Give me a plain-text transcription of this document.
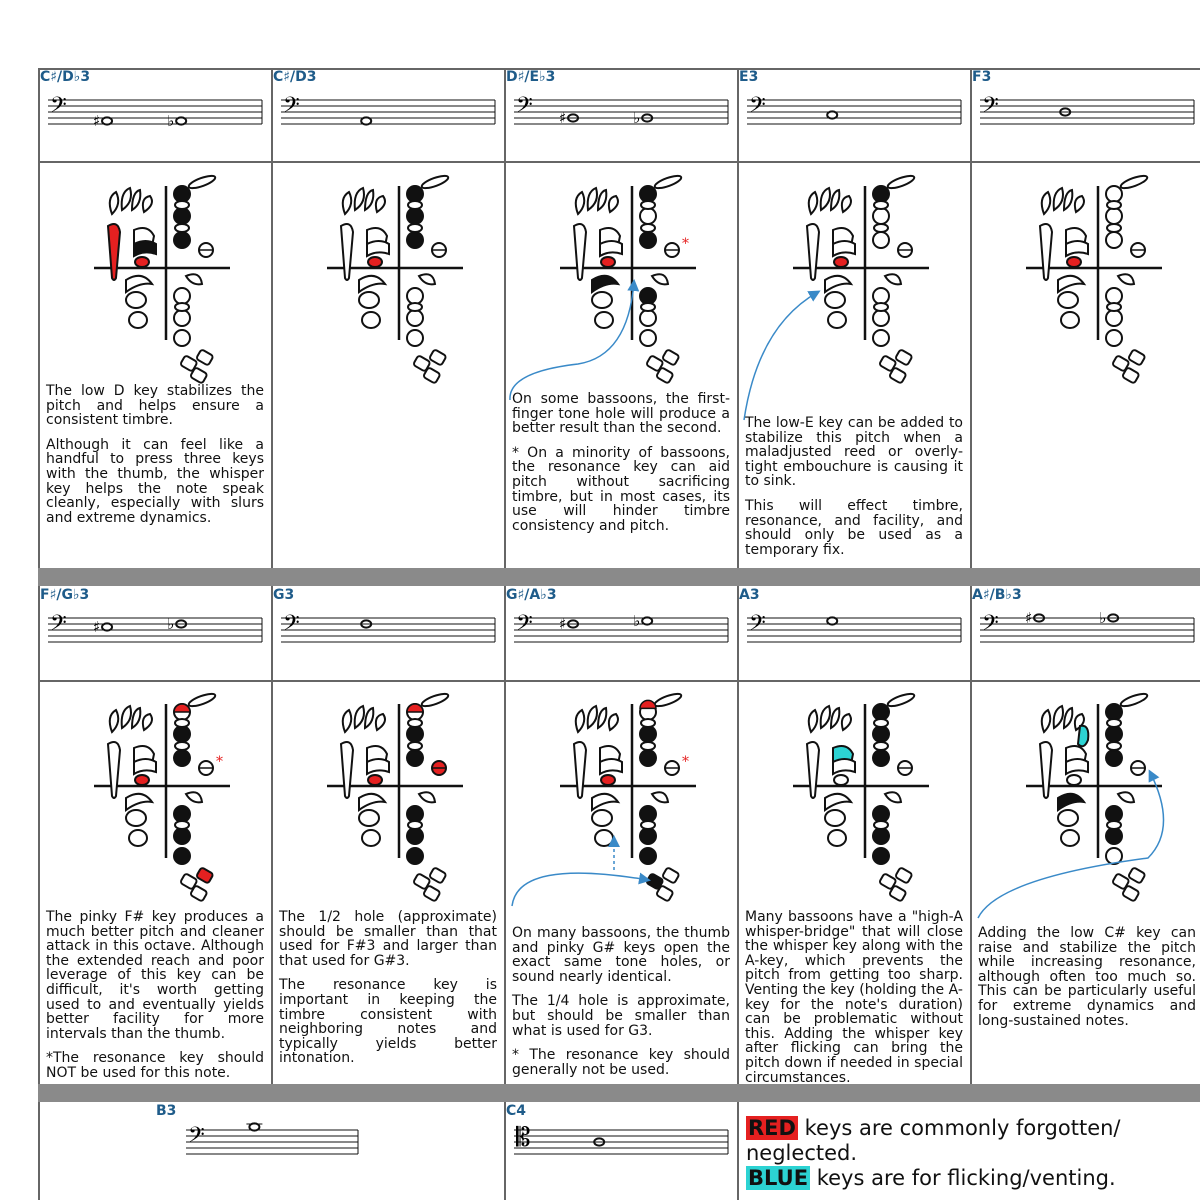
C♯/D♭3
𝄢 ♯	♭

The low D key stabilizes the pitch and helps ensure a consistent timbre.

Although it can feel like a handful to press three keys with the thumb, the whisper key helps the note speak cleanly, especially with slurs and extreme dynamics.

C♯/D3
𝄢
D♯/E♭3
𝄢 ♯	♭
*

On some bassoons, the first-finger tone hole will produce a better result than the second.

* On a minority of bassoons, the resonance key can aid pitch without sacrificing timbre, but in most cases, its use will hinder timbre consistency and pitch.

E3
𝄢

The low-E key can be added to stabilize this pitch when a maladjusted reed or overly-tight embouchure is causing it to sink.

This will effect timbre, resonance, and facility, and should only be used as a temporary fix.

F3
𝄢
F♯/G♭3
𝄢 ♯	♭
*

The pinky F# key produces a much better pitch and cleaner attack in this octave. Although the extended reach and poor leverage of this key can be difficult, it's worth getting used to and eventually yields better facility for more intervals than the thumb.

*The resonance key should NOT be used for this note.

G3
𝄢

The 1/2 hole (approximate) should be smaller than that used for F#3 and larger than that used for G#3.

The resonance key is important in keeping the timbre consistent with neighboring notes and typically yields better intonation.

G♯/A♭3
𝄢 ♯	♭
*

On many bassoons, the thumb and pinky G# keys open the exact same tone holes, or sound nearly identical.

The 1/4 hole is approximate, but should be smaller than what is used for G3.

* The resonance key should generally not be used.

A3
𝄢

Many bassoons have a "high-A whisper-bridge" that will close the whisper key along with the A-key, which prevents the pitch from getting too sharp. Venting the key (holding the A-key for the note's duration) can be problematic without this. Adding the whisper key after flicking can bring the pitch down if needed in special circumstances.

A♯/B♭3
𝄢 ♯	♭

Adding the low C# key can raise and stabilize the pitch while increasing resonance, although often too much so. This can be particularly useful for extreme dynamics and long-sustained notes.

B3
𝄢
C4
𝄡	RED keys are commonly forgotten/ neglected.
BLUE keys are for flicking/venting.
